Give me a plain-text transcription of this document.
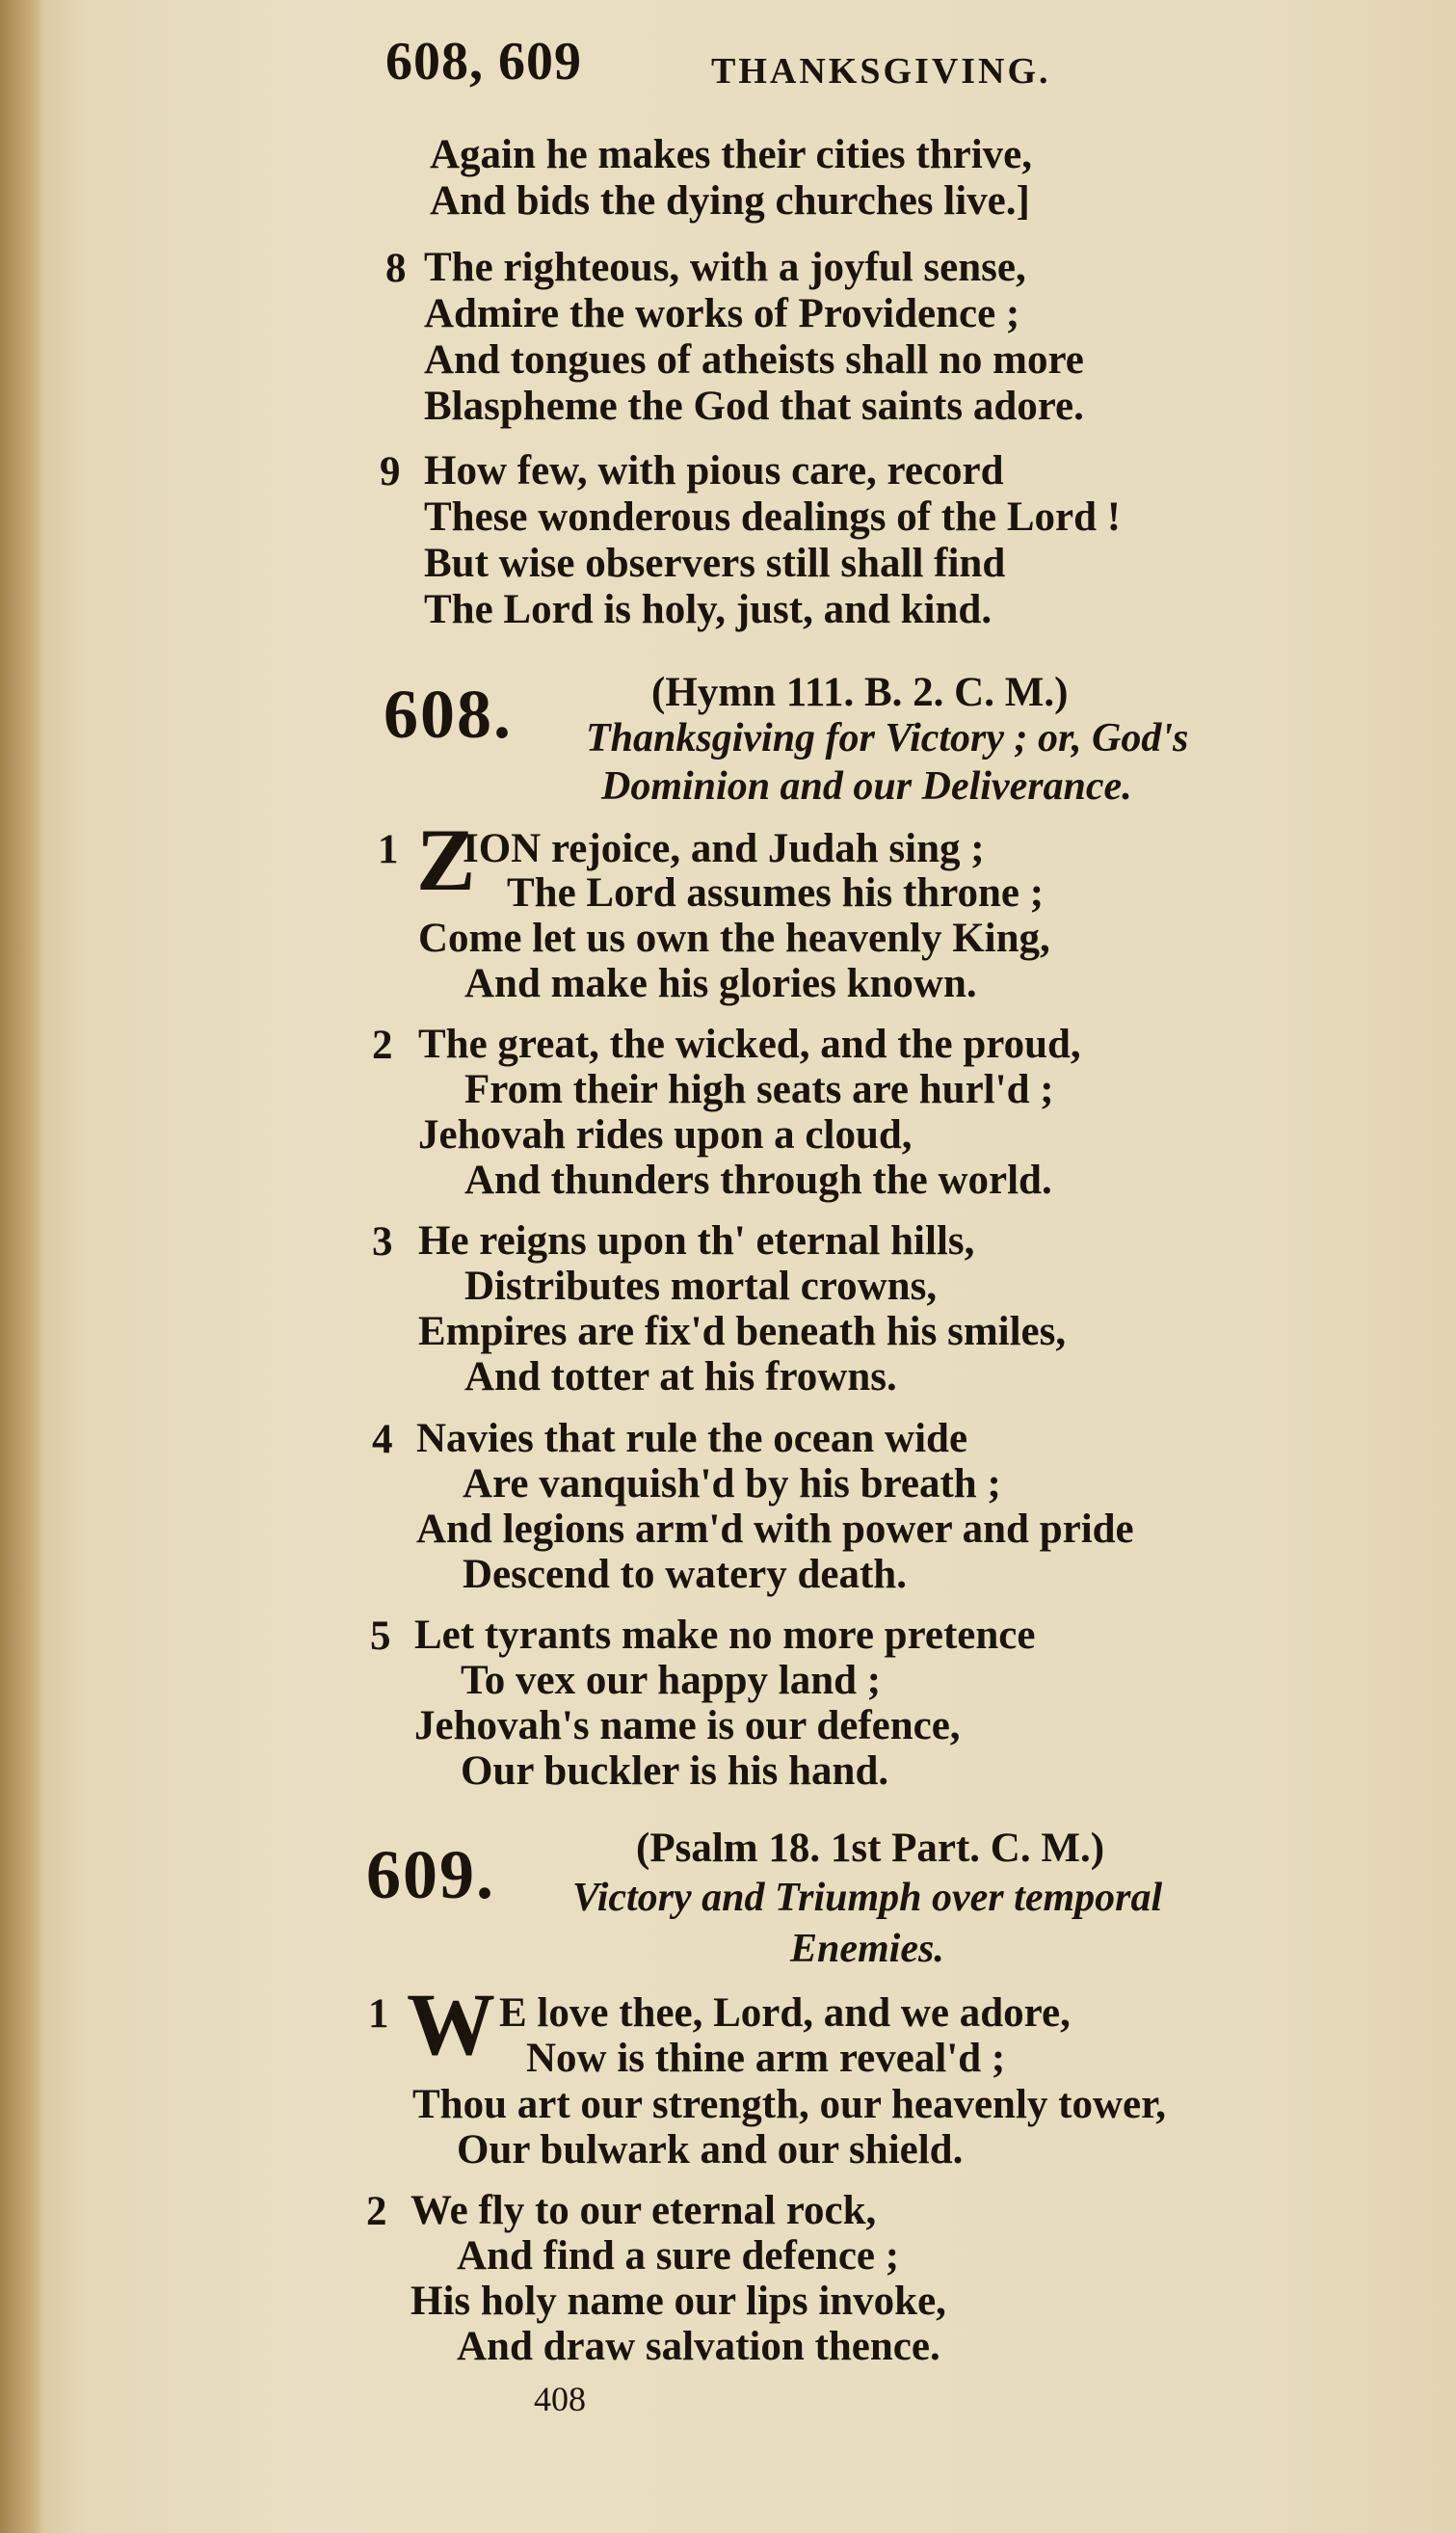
608, 609	THANKSGIVING.
Again he makes their cities thrive,
And bids the dying churches live.]
8 The righteous, with a joyful sense,
Admire the works of Providence ;
And tongues of atheists shall no more
Blaspheme the God that saints adore.
9 How few, with pious care, record
These wonderous dealings of the Lord !
But wise observers still shall find
The Lord is holy, just, and kind.
608.	(Hymn 111. B. 2. C. M.)
Thanksgiving for Victory ; or, God's
Dominion and our Deliverance.
1 Z
ION rejoice, and Judah sing ;
The Lord assumes his throne ;
Come let us own the heavenly King,
And make his glories known.
2 The great, the wicked, and the proud,
From their high seats are hurl'd ;
Jehovah rides upon a cloud,
And thunders through the world.
3 He reigns upon th' eternal hills,
Distributes mortal crowns,
Empires are fix'd beneath his smiles,
And totter at his frowns.
4 Navies that rule the ocean wide
Are vanquish'd by his breath ;
And legions arm'd with power and pride
Descend to watery death.
5 Let tyrants make no more pretence
To vex our happy land ;
Jehovah's name is our defence,
Our buckler is his hand.
609.	(Psalm 18. 1st Part. C. M.)
Victory and Triumph over temporal
Enemies.
1 W E love thee, Lord, and we adore,
Now is thine arm reveal'd ;
Thou art our strength, our heavenly tower,
Our bulwark and our shield.
2 We fly to our eternal rock,
And find a sure defence ;
His holy name our lips invoke,
And draw salvation thence.
408
